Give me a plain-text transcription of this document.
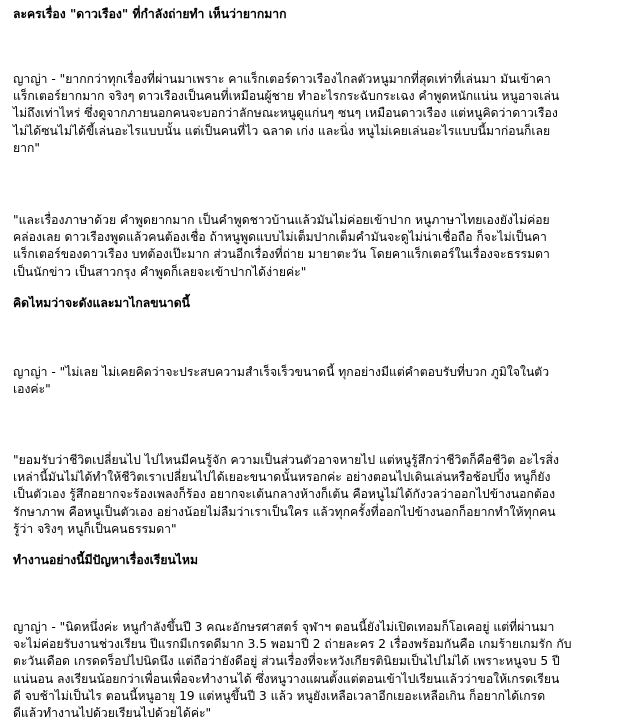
ละครเรื่อง "ดาวเรือง" ที่กำลังถ่ายทำ เห็นว่ายากมาก

ญาญ่า - "ยากกว่าทุกเรื่องที่ผ่านมาเพราะ คาแร็กเตอร์ดาวเรืองไกลตัวหนูมากที่สุดเท่าที่เล่นมา มันเข้าคา
แร็กเตอร์ยากมาก จริงๆ ดาวเรืองเป็นคนที่เหมือนผู้ชาย ทำอะไรกระฉับกระเฉง คำพูดหนักแน่น หนูอาจเล่น
ไม่ถึงเท่าไหร่ ซึ่งดูจากภายนอกคนจะบอกว่าลักษณะหนูดูแก่นๆ ซนๆ เหมือนดาวเรือง แต่หนูคิดว่าดาวเรือง
ไม่ได้ซนไม่ได้ขี้เล่นอะไรแบบนั้น แต่เป็นคนที่ไว ฉลาด เก่ง และนิ่ง หนูไม่เคยเล่นอะไรแบบนี้มาก่อนก็เลย
ยาก"

"และเรื่องภาษาด้วย คำพูดยากมาก เป็นคำพูดชาวบ้านแล้วมันไม่ค่อยเข้าปาก หนูภาษาไทยเองยังไม่ค่อย
คล่องเลย ดาวเรืองพูดแล้วคนต้องเชื่อ ถ้าหนูพูดแบบไม่เต็มปากเต็มคำมันจะดูไม่น่าเชื่อถือ ก็จะไม่เป็นคา
แร็กเตอร์ของดาวเรือง บทต้องเป๊ะมาก ส่วนอีกเรื่องที่ถ่าย มายาตะวัน โดยคาแร็กเตอร์ในเรื่องจะธรรมดา
เป็นนักข่าว เป็นสาวกรุง คำพูดก็เลยจะเข้าปากได้ง่ายค่ะ"

คิดไหมว่าจะดังและมาไกลขนาดนี้

ญาญ่า - "ไม่เลย ไม่เคยคิดว่าจะประสบความสำเร็จเร็วขนาดนี้ ทุกอย่างมีแต่คำตอบรับที่บวก ภูมิใจในตัว
เองค่ะ"

"ยอมรับว่าชีวิตเปลี่ยนไป ไปไหนมีคนรู้จัก ความเป็นส่วนตัวอาจหายไป แต่หนูรู้สึกว่าชีวิตก็คือชีวิต อะไรสิ่ง
เหล่านี้มันไม่ได้ทำให้ชีวิตเราเปลี่ยนไปได้เยอะขนาดนั้นหรอกค่ะ อย่างตอนไปเดินเล่นหรือช้อปปิ้ง หนูก็ยัง
เป็นตัวเอง รู้สึกอยากจะร้องเพลงก็ร้อง อยากจะเต้นกลางห้างก็เต้น คือหนูไม่ได้กังวลว่าออกไปข้างนอกต้อง
รักษาภาพ คือหนูเป็นตัวเอง อย่างน้อยไม่ลืมว่าเราเป็นใคร แล้วทุกครั้งที่ออกไปข้างนอกก็อยากทำให้ทุกคน
รู้ว่า จริงๆ หนูก็เป็นคนธรรมดา"

ทำงานอย่างนี้มีปัญหาเรื่องเรียนไหม

ญาญ่า - "นิดหนึ่งค่ะ หนูกำลังขึ้นปี 3 คณะอักษรศาสตร์ จุฬาฯ ตอนนี้ยังไม่เปิดเทอมก็โอเคอยู่ แต่ที่ผ่านมา
จะไม่ค่อยรับงานช่วงเรียน ปีแรกมีเกรดดีมาก 3.5 พอมาปี 2 ถ่ายละคร 2 เรื่องพร้อมกันคือ เกมร้ายเกมรัก กับ
ตะวันเดือด เกรดดร็อปไปนิดนึง แต่ถือว่ายังดีอยู่ ส่วนเรื่องที่จะหวังเกียรตินิยมเป็นไปไม่ได้ เพราะหนูจบ 5 ปี
แน่นอน ลงเรียนน้อยกว่าเพื่อนเพื่อจะทำงานได้ ซึ่งหนูวางแผนตั้งแต่ตอนเข้าไปเรียนแล้วว่าขอให้เกรดเรียน
ดี จบช้าไม่เป็นไร ตอนนี้หนูอายุ 19 แต่หนูขึ้นปี 3 แล้ว หนูยังเหลือเวลาอีกเยอะเหลือเกิน ก็อยากได้เกรด
ดีแล้วทำงานไปด้วยเรียนไปด้วยได้ค่ะ"
